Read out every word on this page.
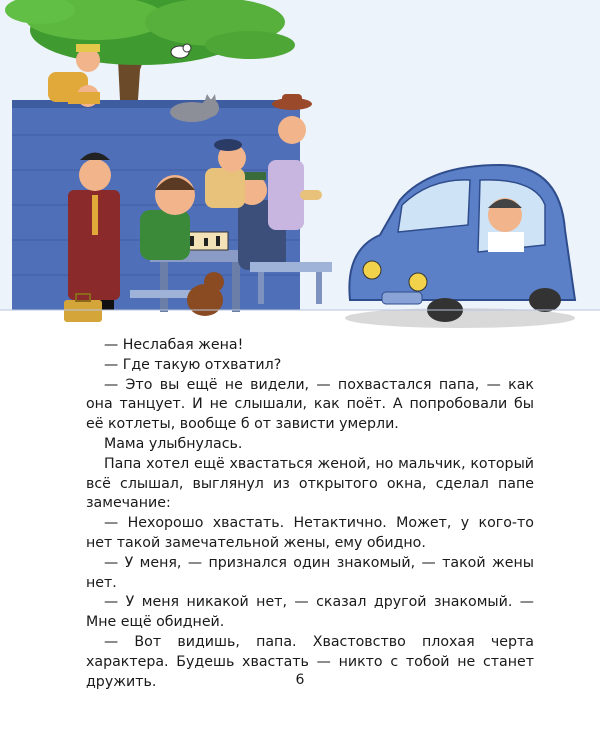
— Неслабая жена!

— Где такую отхватил?

— Это вы ещё не видели, — похвастался папа, — как она танцует. И не слышали, как поёт. А попробовали бы её котлеты, вообще б от зависти умерли.

Мама улыбнулась.

Папа хотел ещё хвастаться женой, но мальчик, который всё слышал, выглянул из открытого окна, сделал папе замечание:

— Нехорошо хвастать. Нетактично. Может, у кого-то нет такой замечательной жены, ему обидно.

— У меня, — признался один знакомый, — такой жены нет.

— У меня никакой нет, — сказал другой знакомый. — Мне ещё обидней.

— Вот видишь, папа. Хвастовство плохая черта характера. Будешь хвастать — никто с тобой не станет дружить.	6
